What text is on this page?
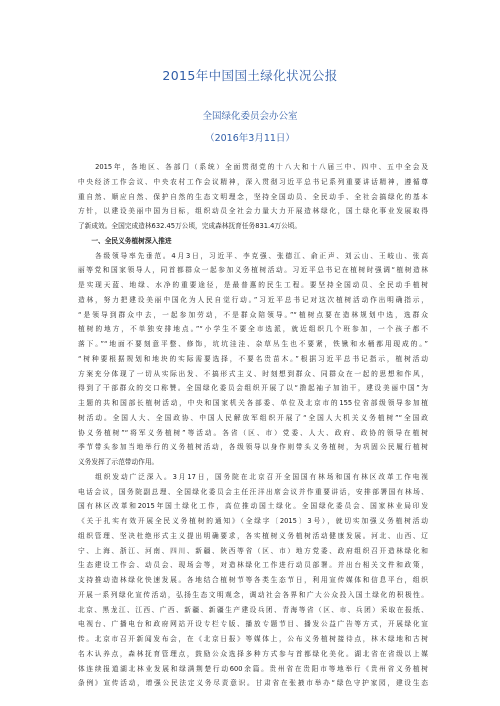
2015年中国国土绿化状况公报
全国绿化委员会办公室
（2016年3月11日）
　　2015年，各地区、各部门（系统）全面贯彻党的十八大和十八届三中、四中、五中全会及
中央经济工作会议、中央农村工作会议精神，深入贯彻习近平总书记系列重要讲话精神，遵循尊
重自然、顺应自然、保护自然的生态文明理念，坚持全国动员、全民动手、全社会搞绿化的基本
方针，以建设美丽中国为目标，组织动员全社会力量大力开展造林绿化，国土绿化事业发展取得
了新成效。全国完成造林632.45万公顷，完成森林抚育任务831.4万公顷。
　　一、全民义务植树深入推进
　　各级领导率先垂范。4月3日，习近平、李克强、张德江、俞正声、刘云山、王岐山、张高
丽等党和国家领导人，同首都群众一起参加义务植树活动。习近平总书记在植树时强调“植树造林
是实现天蓝、地绿、水净的重要途径，是最普惠的民生工程。要坚持全国动员、全民动手植树
造林，努力把建设美丽中国化为人民自觉行动。”习近平总书记对这次植树活动作出明确指示，
“是领导到群众中去，一起参加劳动，不是群众陪领导。”“植树点要在造林规划中选，选群众
植树的地方，不单独安排地点。”“小学生不要全市选派，就近组织几个班参加，一个孩子都不
落下。”“地面不要刻意平整、修饰，坑坑洼洼、杂草丛生也不要紧，铁锹和水桶都用现成的。”
“树种要根据规划和地块的实际需要选择，不要名贵苗木。”根据习近平总书记指示，植树活动
方案充分体现了一切从实际出发、不搞形式主义、时刻想到群众、同群众在一起的思想和作风，
得到了干部群众的交口称赞。全国绿化委员会组织开展了以“撸起袖子加油干，建设美丽中国”为
主题的共和国部长植树活动，中央和国家机关各部委、单位及北京市的155位省部级领导参加植
树活动。全国人大、全国政协、中国人民解放军组织开展了“全国人大机关义务植树”“全国政
协义务植树”“将军义务植树”等活动。各省（区、市）党委、人大、政府、政协的领导在植树
季节带头参加当地举行的义务植树活动，各级领导以身作则带头义务植树，为巩固公民履行植树
义务发挥了示范带动作用。
　　组织发动广泛深入。3月17日，国务院在北京召开全国国有林场和国有林区改革工作电视
电话会议，国务院副总理、全国绿化委员会主任汪洋出席会议并作重要讲话，安排部署国有林场、
国有林区改革和2015年国土绿化工作，高位推动国土绿化。全国绿化委员会、国家林业局印发
《关于扎实有效开展全民义务植树的通知》（全绿字〔2015〕3号），就切实加强义务植树活动
组织管理、坚决杜绝形式主义提出明确要求，各实植树义务植树活动健康发展。河北、山西、辽
宁、上海、浙江、河南、四川、新疆、陕西等省（区、市）地方党委、政府组织召开造林绿化和
生态建设工作会、动员会、现场会等，对造林绿化工作进行动员部署。并出台相关文件和政策，
支持推动造林绿化快速发展。各地结合植树节等各类生态节日，利用宣传媒体和信息平台，组织
开展一系列绿化宣传活动，弘扬生态文明观念，调动社会各界和广大公众投入国土绿化的积极性。
北京、黑龙江、江西、广西、新疆、新疆生产建设兵团、青海等省（区、市、兵团）采取在报纸、
电视台、广播电台和政府网站开设专栏专版、播放专题节目、播发公益广告等方式，开展绿化宣
传。北京市召开新闻发布会，在《北京日报》等媒体上，公布义务植树接待点，林木绿地和古树
名木认养点，森林抚育管理点，鼓励公众选择多种方式参与首都绿化美化。湖北省在省级以上媒
体连续报道湖北林业发展和绿满荆楚行动600余篇。贵州省在贵阳市等地举行《贵州省义务植树
条例》宣传活动，增强公民法定义务尽责意识。甘肃省在张掖市举办“绿色守护家园，建设生态
